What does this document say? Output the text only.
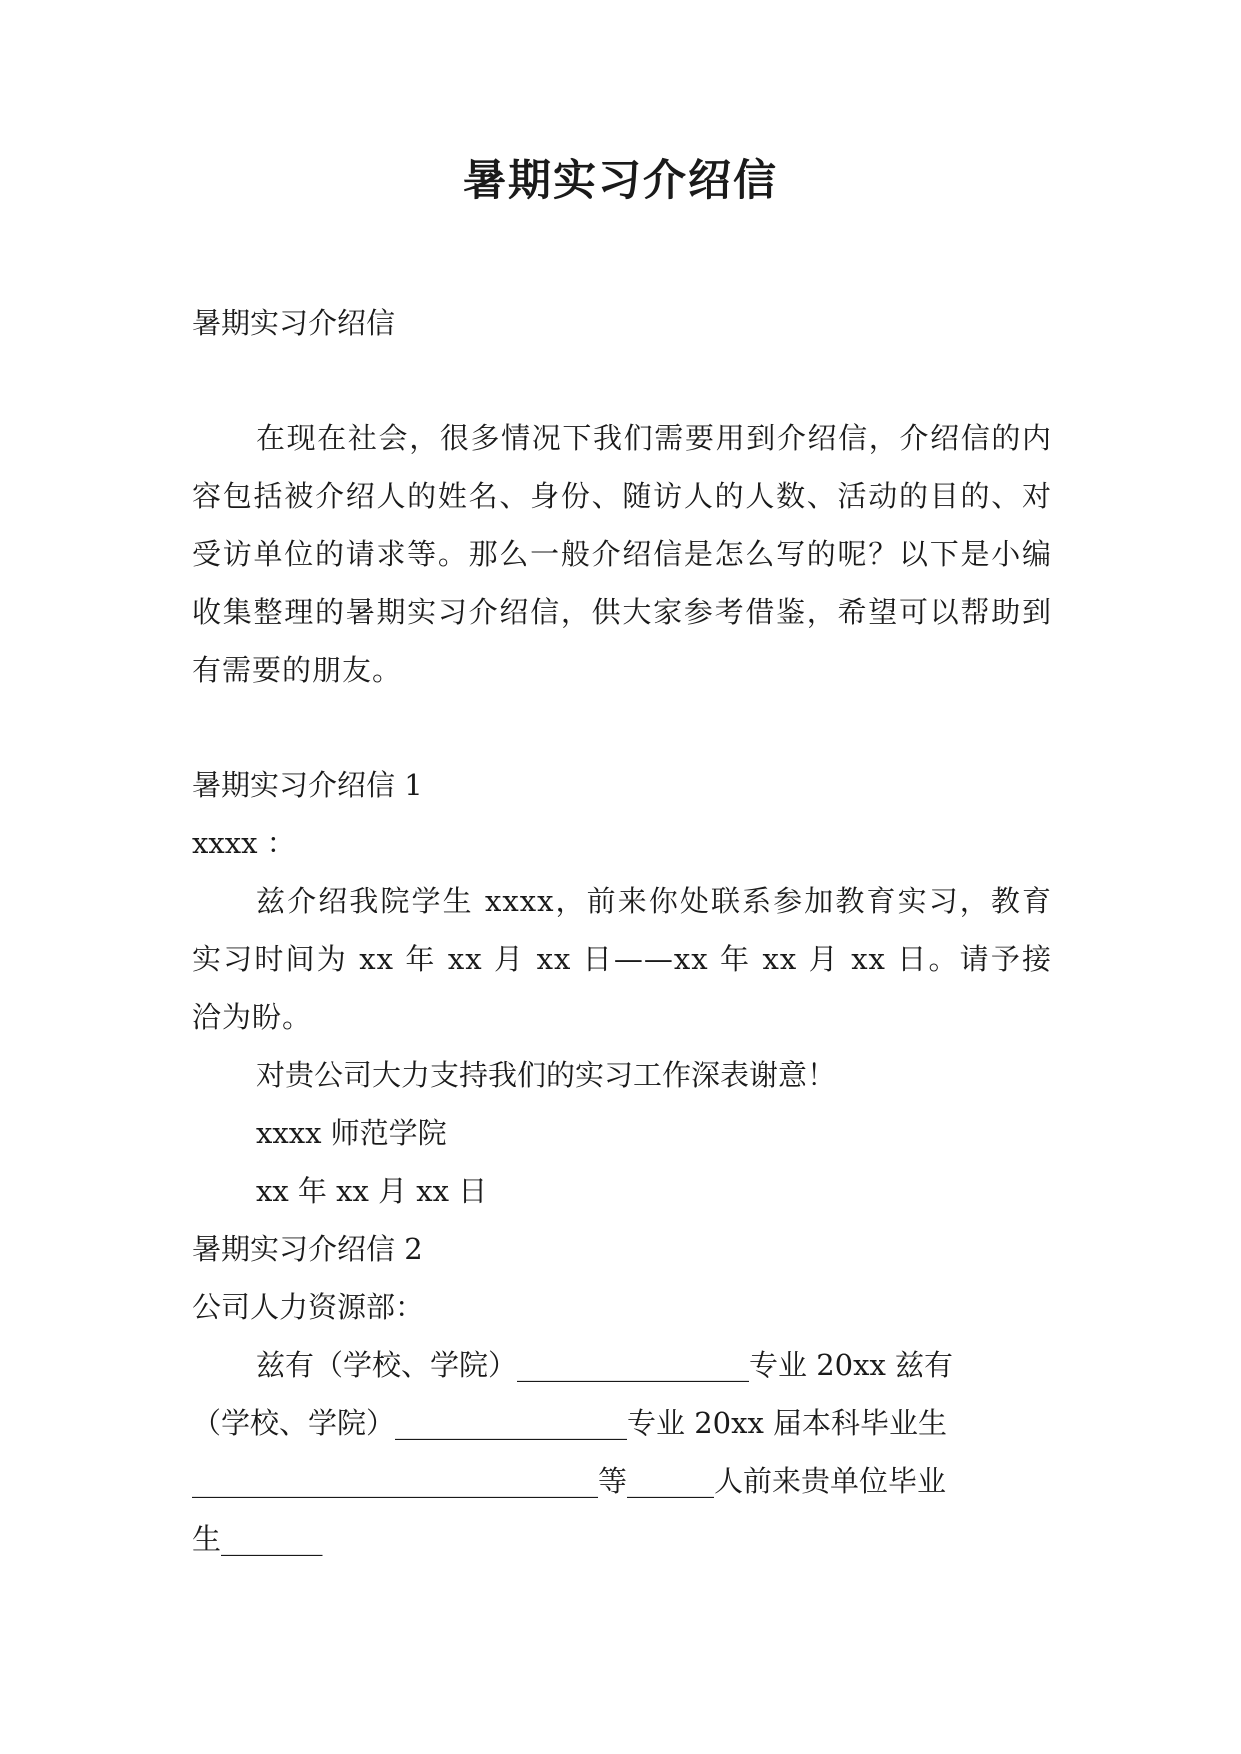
暑期实习介绍信

暑期实习介绍信

在现在社会，很多情况下我们需要用到介绍信，介绍信的内容包括被介绍人的姓名、身份、随访人的人数、活动的目的、对受访单位的请求等。那么一般介绍信是怎么写的呢？以下是小编收集整理的暑期实习介绍信，供大家参考借鉴，希望可以帮助到有需要的朋友。

暑期实习介绍信 1

xxxx ：

兹介绍我院学生 xxxx，前来你处联系参加教育实习，教育实习时间为 xx 年 xx 月 xx 日——xx 年 xx 月 xx 日。请予接洽为盼。

对贵公司大力支持我们的实习工作深表谢意！

xxxx 师范学院

xx 年 xx 月 xx 日

暑期实习介绍信 2

公司人力资源部：

兹有（学校、学院）________________专业 20xx 兹有

（学校、学院）________________专业 20xx 届本科毕业生

____________________________等______人前来贵单位毕业

生_______
